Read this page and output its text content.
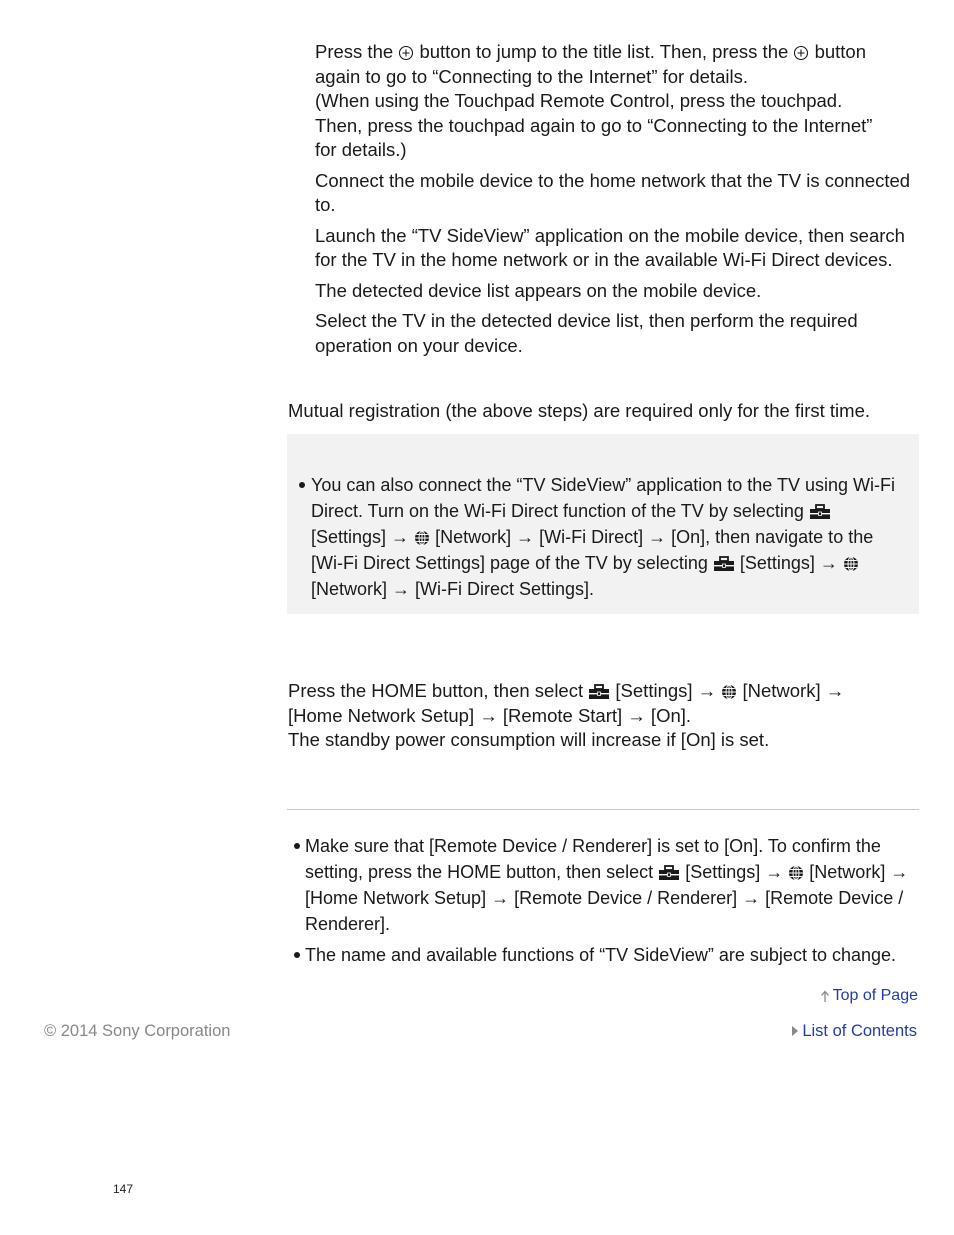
Press the button to jump to the title list. Then, press the button
again to go to “Connecting to the Internet” for details.
(When using the Touchpad Remote Control, press the touchpad.
Then, press the touchpad again to go to “Connecting to the Internet”
for details.)

Connect the mobile device to the home network that the TV is connected to.

Launch the “TV SideView” application on the mobile device, then search for the TV in the home network or in the available Wi-Fi Direct devices.

The detected device list appears on the mobile device.

Select the TV in the detected device list, then perform the required operation on your device.

Mutual registration (the above steps) are required only for the first time.
You can also connect the “TV SideView” application to the TV using Wi-Fi Direct. Turn on the Wi-Fi Direct function of the TV by selecting  [Settings] → [Network] → [Wi-Fi Direct] → [On], then navigate to the [Wi-Fi Direct Settings] page of the TV by selecting [Settings] →  [Network] → [Wi-Fi Direct Settings].

Press the HOME button, then select [Settings] → [Network] →
[Home Network Setup] → [Remote Start] → [On].
The standby power consumption will increase if [On] is set.

Make sure that [Remote Device / Renderer] is set to [On]. To confirm the setting, press the HOME button, then select [Settings] → [Network] → [Home Network Setup] → [Remote Device / Renderer] → [Remote Device / Renderer].
The name and available functions of “TV SideView” are subject to change.
Top of Page
List of Contents
© 2014 Sony Corporation
147
